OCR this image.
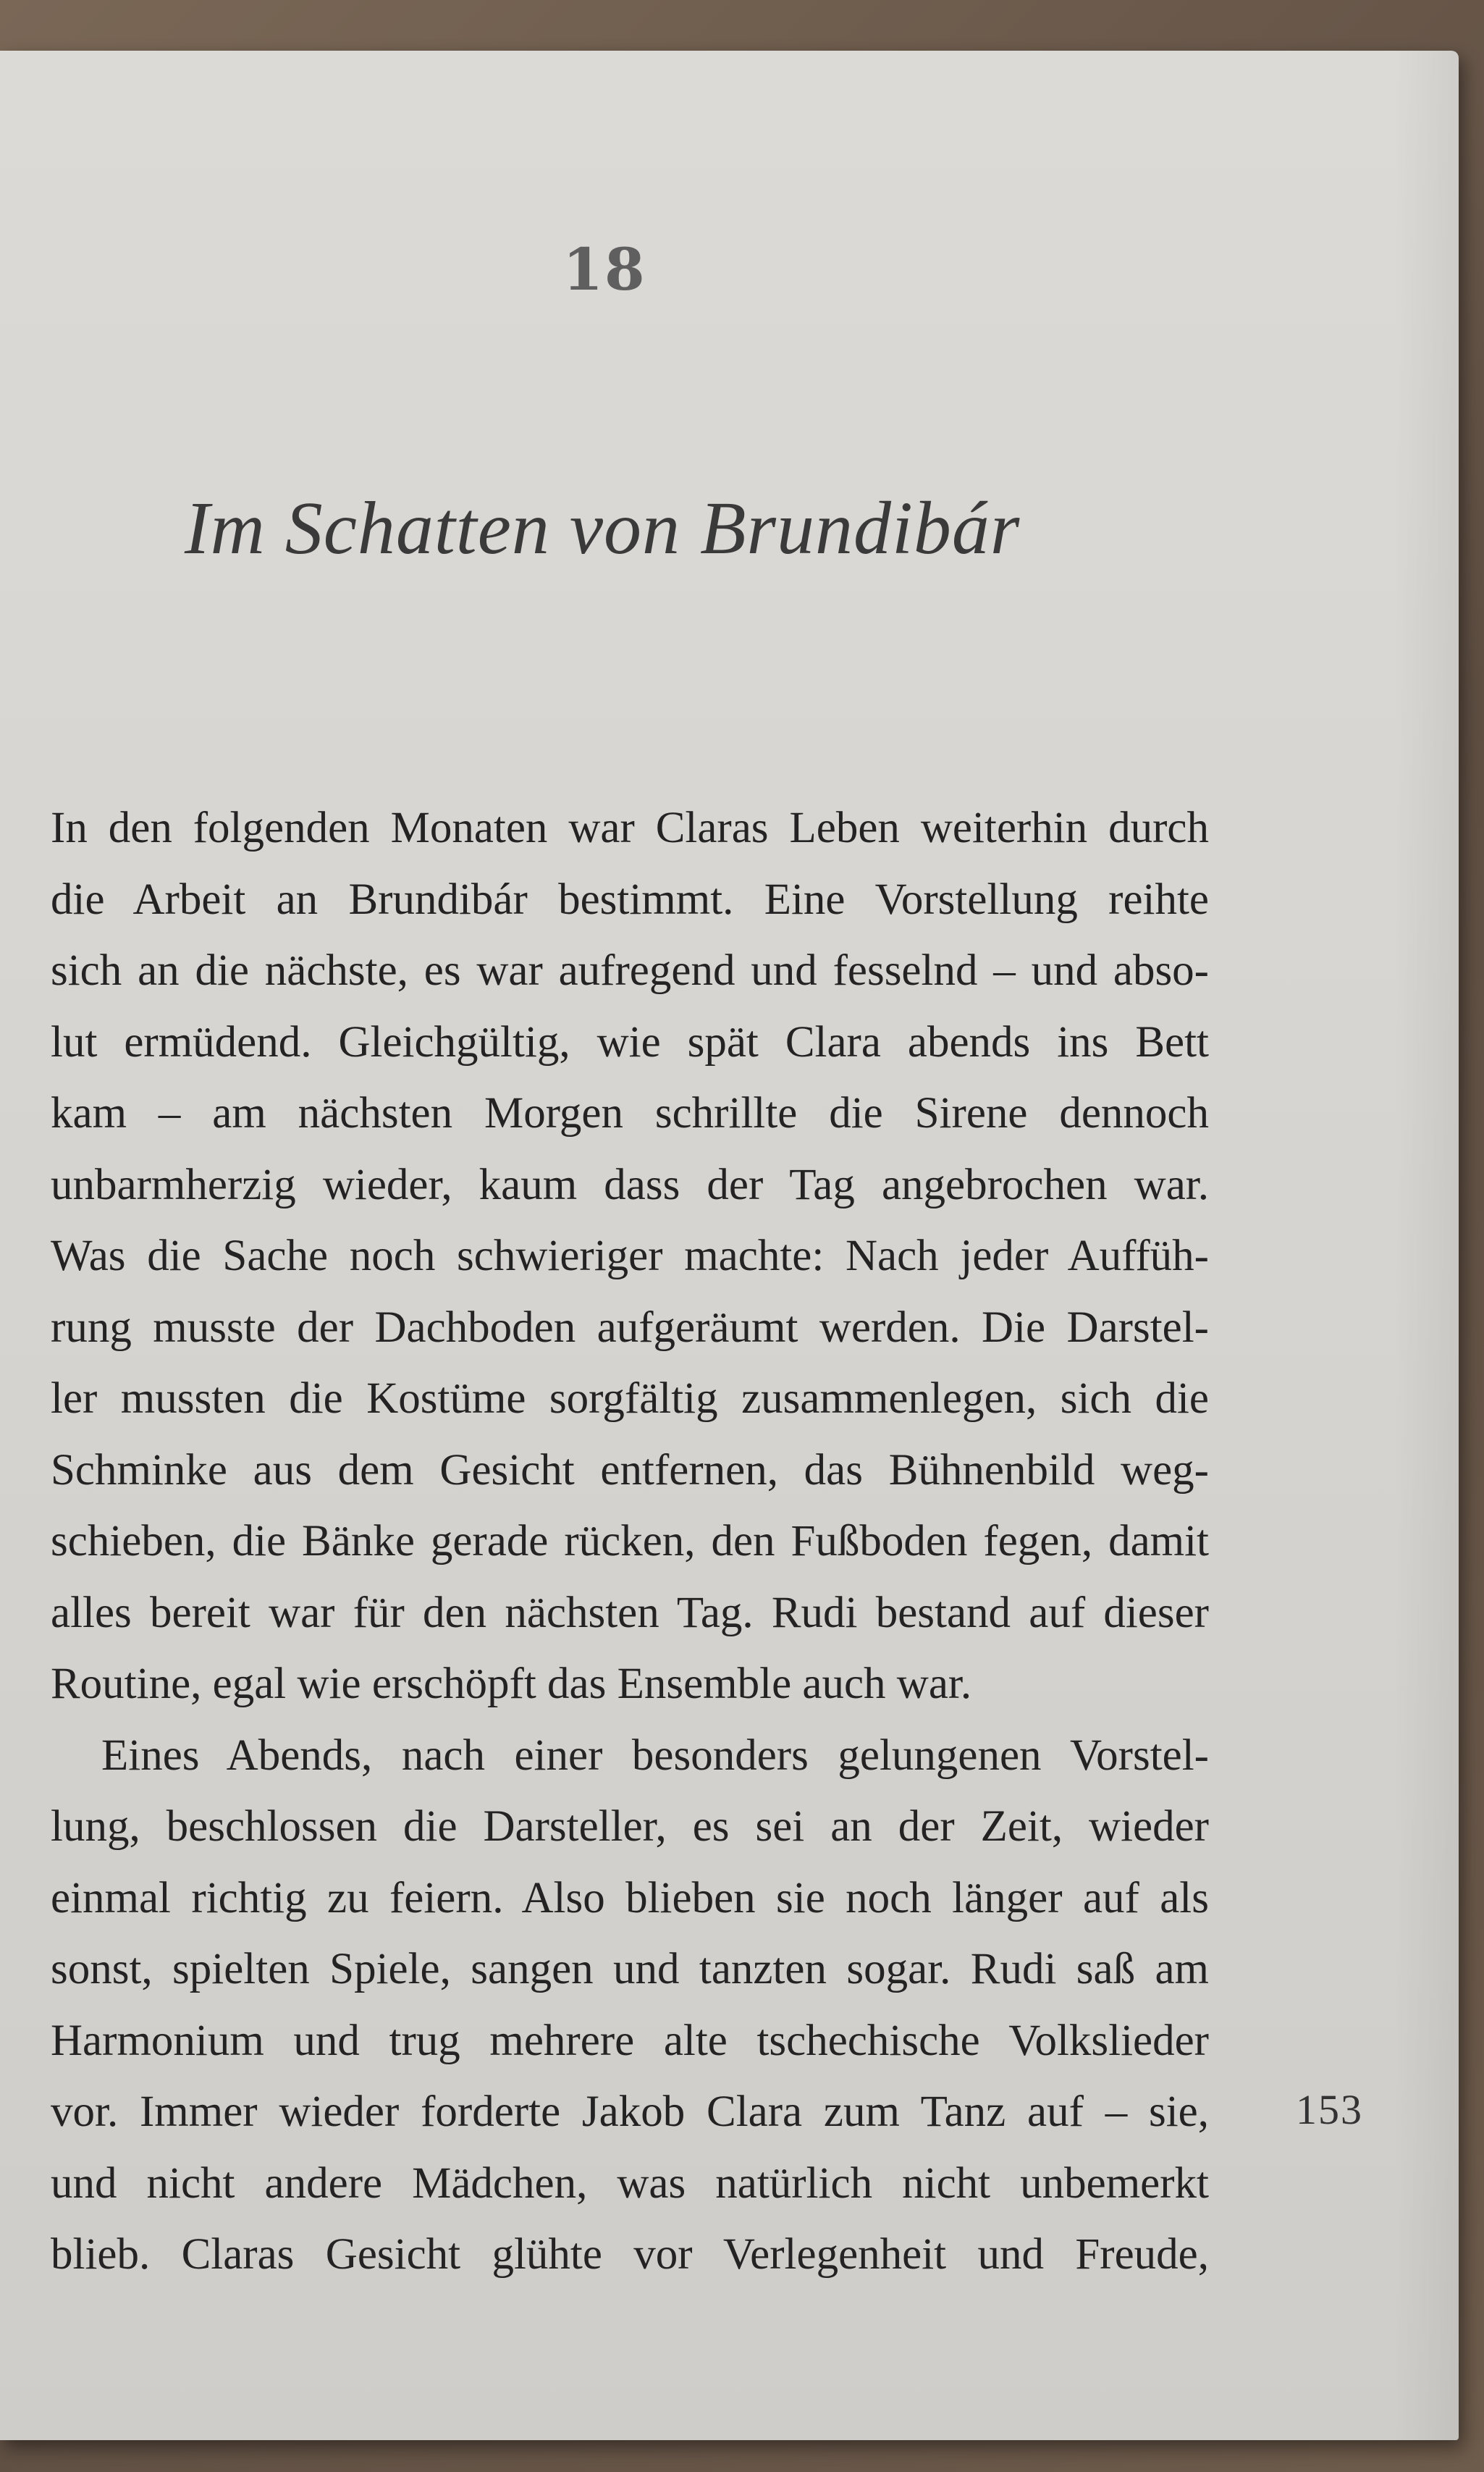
18
Im Schatten von Brundibár
In den folgenden Monaten war Claras Leben weiterhin durch
die Arbeit an Brundibár bestimmt. Eine Vorstellung reihte
sich an die nächste, es war aufregend und fesselnd – und abso-
lut ermüdend. Gleichgültig, wie spät Clara abends ins Bett
kam – am nächsten Morgen schrillte die Sirene dennoch
unbarmherzig wieder, kaum dass der Tag angebrochen war.
Was die Sache noch schwieriger machte: Nach jeder Auffüh-
rung musste der Dachboden aufgeräumt werden. Die Darstel-
ler mussten die Kostüme sorgfältig zusammenlegen, sich die
Schminke aus dem Gesicht entfernen, das Bühnenbild weg-
schieben, die Bänke gerade rücken, den Fußboden fegen, damit
alles bereit war für den nächsten Tag. Rudi bestand auf dieser
Routine, egal wie erschöpft das Ensemble auch war.
Eines Abends, nach einer besonders gelungenen Vorstel-
lung, beschlossen die Darsteller, es sei an der Zeit, wieder
einmal richtig zu feiern. Also blieben sie noch länger auf als
sonst, spielten Spiele, sangen und tanzten sogar. Rudi saß am
Harmonium und trug mehrere alte tschechische Volkslieder
vor. Immer wieder forderte Jakob Clara zum Tanz auf – sie,
und nicht andere Mädchen, was natürlich nicht unbemerkt
blieb. Claras Gesicht glühte vor Verlegenheit und Freude,
153
